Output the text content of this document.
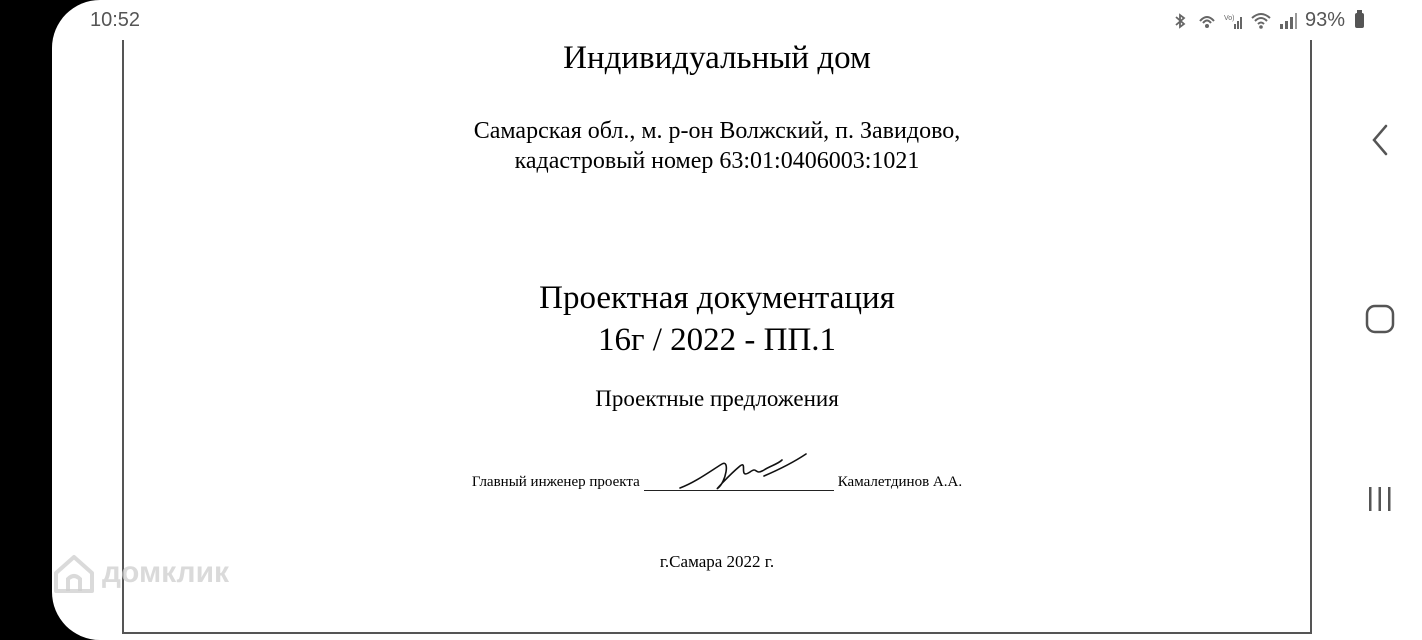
10:52	Vo)	93%
Индивидуальный дом
Самарская обл., м. р-он Волжский, п. Завидово,
кадастровый номер 63:01:0406003:1021
Проектная документация
16г / 2022 - ПП.1
Проектные предложения
Главный инженер проекта	Камалетдинов А.А.
г.Самара 2022 г.
домклик
